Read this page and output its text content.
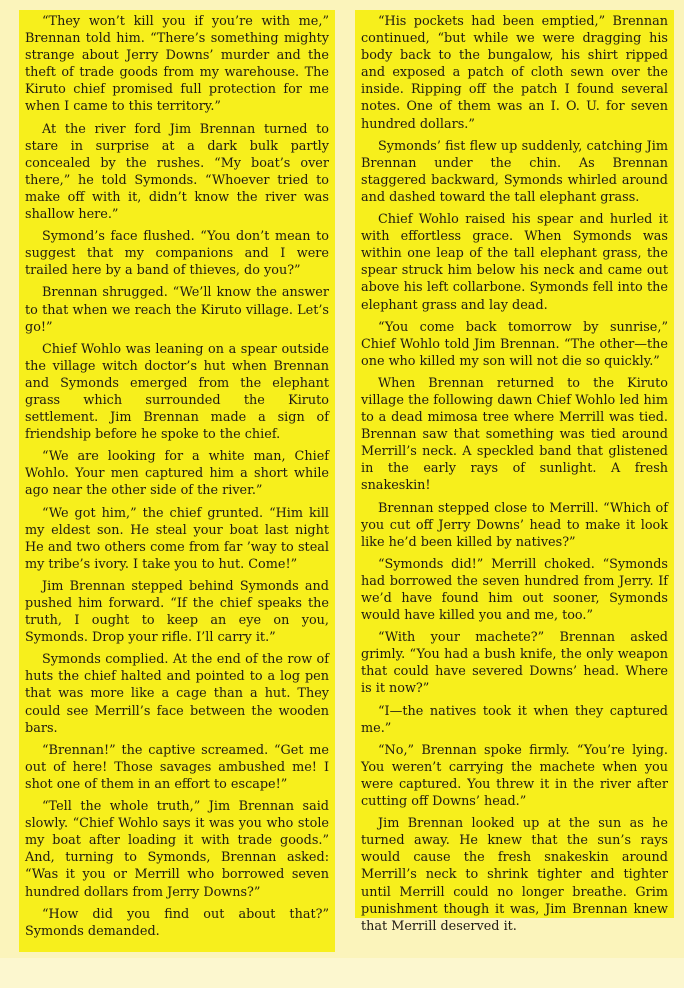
“They won’t kill you if you’re with me,” Brennan told him. “There’s something mighty strange about Jerry Downs’ murder and the theft of trade goods from my warehouse. The Kiruto chief promised full protection for me when I came to this territory.”

At the river ford Jim Brennan turned to stare in surprise at a dark bulk partly concealed by the rushes. “My boat’s over there,” he told Symonds. “Whoever tried to make off with it, didn’t know the river was shallow here.”

Symond’s face flushed. “You don’t mean to suggest that my companions and I were trailed here by a band of thieves, do you?”

Brennan shrugged. “We’ll know the answer to that when we reach the Kiruto village. Let’s go!”

Chief Wohlo was leaning on a spear outside the village witch doctor’s hut when Brennan and Symonds emerged from the elephant grass which surrounded the Kiruto settlement. Jim Brennan made a sign of friendship before he spoke to the chief.

“We are looking for a white man, Chief Wohlo. Your men captured him a short while ago near the other side of the river.”

“We got him,” the chief grunted. “Him kill my eldest son. He steal your boat last night He and two others come from far ’way to steal my tribe’s ivory. I take you to hut. Come!”

Jim Brennan stepped behind Symonds and pushed him forward. “If the chief speaks the truth, I ought to keep an eye on you, Symonds. Drop your rifle. I’ll carry it.”

Symonds complied. At the end of the row of huts the chief halted and pointed to a log pen that was more like a cage than a hut. They could see Merrill’s face between the wooden bars.

“Brennan!” the captive screamed. “Get me out of here! Those savages ambushed me! I shot one of them in an effort to escape!”

“Tell the whole truth,” Jim Brennan said slowly. “Chief Wohlo says it was you who stole my boat after loading it with trade goods.” And, turning to Symonds, Brennan asked: “Was it you or Merrill who borrowed seven hundred dollars from Jerry Downs?”

“How did you find out about that?” Symonds demanded.

“His pockets had been emptied,” Brennan continued, “but while we were dragging his body back to the bungalow, his shirt ripped and exposed a patch of cloth sewn over the inside. Ripping off the patch I found several notes. One of them was an I. O. U. for seven hundred dollars.”

Symonds’ fist flew up suddenly, catching Jim Brennan under the chin. As Brennan staggered backward, Symonds whirled around and dashed toward the tall elephant grass.

Chief Wohlo raised his spear and hurled it with effortless grace. When Symonds was within one leap of the tall elephant grass, the spear struck him below his neck and came out above his left collarbone. Symonds fell into the elephant grass and lay dead.

“You come back tomorrow by sunrise,” Chief Wohlo told Jim Brennan. “The other—the one who killed my son will not die so quickly.”

When Brennan returned to the Kiruto village the following dawn Chief Wohlo led him to a dead mimosa tree where Merrill was tied. Brennan saw that something was tied around Merrill’s neck. A speckled band that glistened in the early rays of sunlight. A fresh snakeskin!

Brennan stepped close to Merrill. “Which of you cut off Jerry Downs’ head to make it look like he’d been killed by natives?”

“Symonds did!” Merrill choked. “Symonds had borrowed the seven hundred from Jerry. If we’d have found him out sooner, Symonds would have killed you and me, too.”

“With your machete?” Brennan asked grimly. “You had a bush knife, the only weapon that could have severed Downs’ head. Where is it now?”

“I—the natives took it when they captured me.”

“No,” Brennan spoke firmly. “You’re lying. You weren’t carrying the machete when you were captured. You threw it in the river after cutting off Downs’ head.”

Jim Brennan looked up at the sun as he turned away. He knew that the sun’s rays would cause the fresh snakeskin around Merrill’s neck to shrink tighter and tighter until Merrill could no longer breathe. Grim punishment though it was, Jim Brennan knew that Merrill deserved it.
